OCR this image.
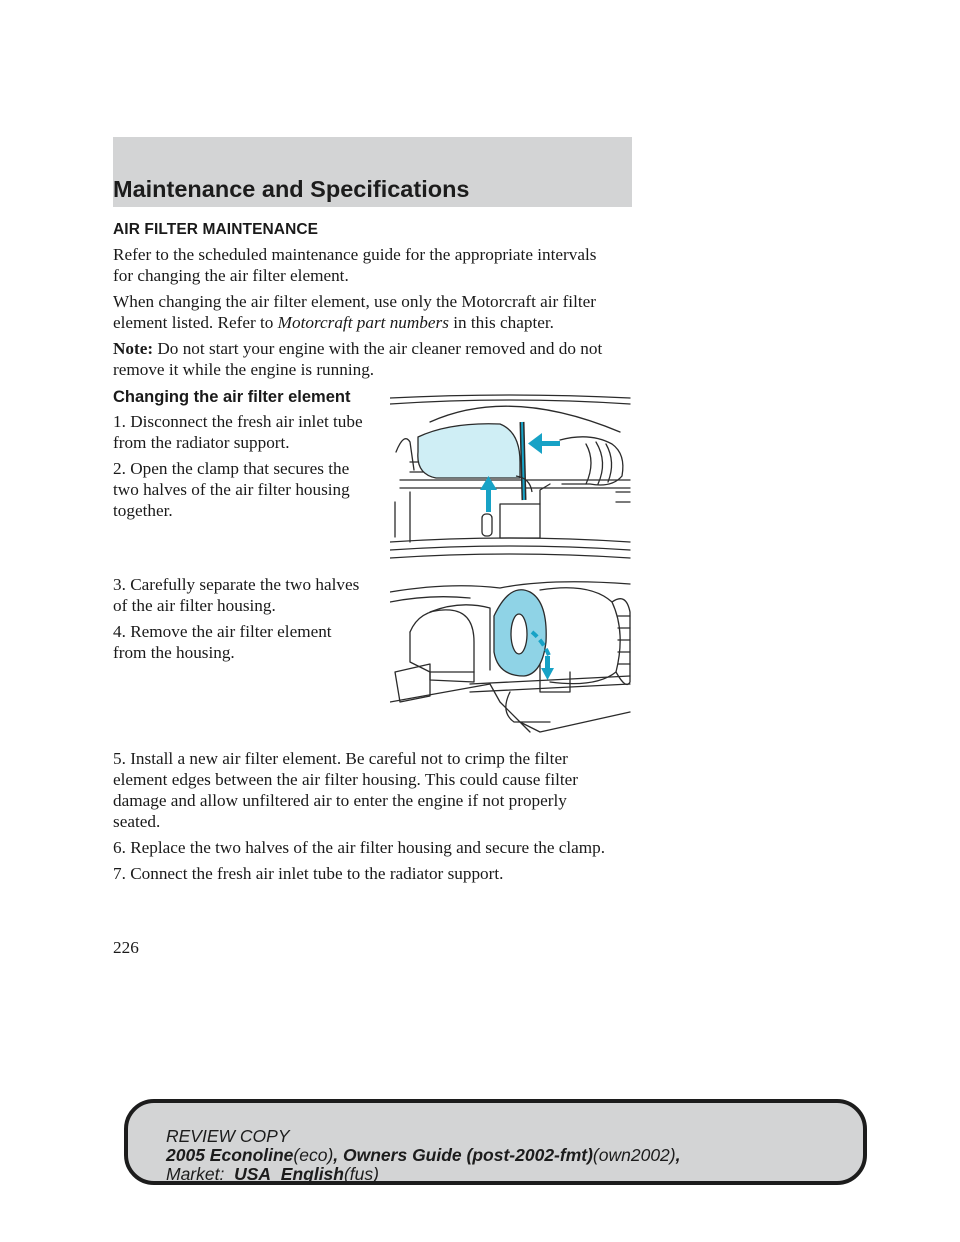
Maintenance and Specifications
AIR FILTER MAINTENANCE
Refer to the scheduled maintenance guide for the appropriate intervals
for changing the air filter element.
When changing the air filter element, use only the Motorcraft air filter
element listed. Refer to Motorcraft part numbers in this chapter.
Note: Do not start your engine with the air cleaner removed and do not
remove it while the engine is running.
Changing the air filter element
1. Disconnect the fresh air inlet tube
from the radiator support.
2. Open the clamp that secures the
two halves of the air filter housing
together.
3. Carefully separate the two halves
of the air filter housing.
4. Remove the air filter element
from the housing.
5. Install a new air filter element. Be careful not to crimp the filter
element edges between the air filter housing. This could cause filter
damage and allow unfiltered air to enter the engine if not properly
seated.
6. Replace the two halves of the air filter housing and secure the clamp.
7. Connect the fresh air inlet tube to the radiator support.
226
REVIEW COPY
2005 Econoline(eco), Owners Guide (post-2002-fmt)(own2002),
Market: USA_English(fus)
